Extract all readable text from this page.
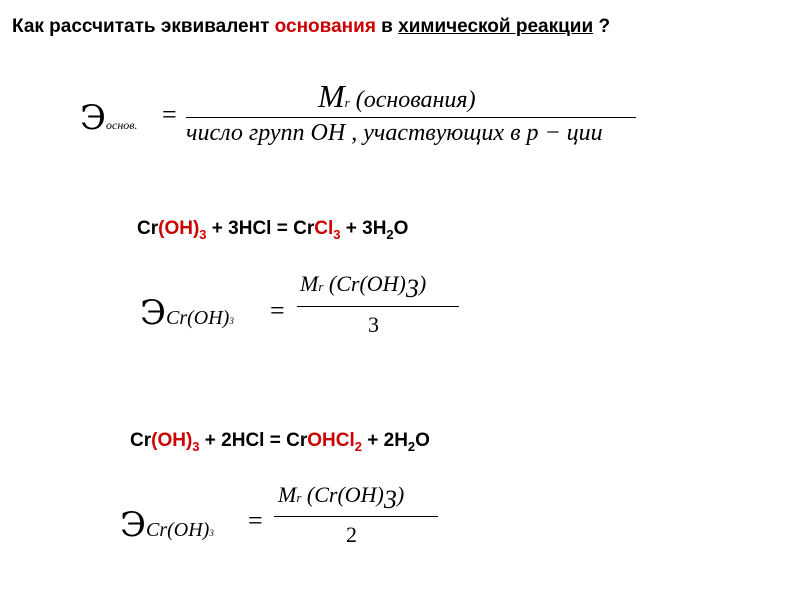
Как рассчитать эквивалент основания в химической реакции ?
Эоснов. =
Mr (основания)
число групп ОН , участвующих в р − ции
$Cr(OH)_3 + 3HCl$ = CrCl$_3$ + $3H_2O$
ЭCr(OH)3 =
Mr (Cr(OH)3)
3
$Cr(OH)_3 + 2HCl$ = CrOHCl$_2$ + $2H_2O$
ЭCr(OH)3 =
Mr (Cr(OH)3)
2
